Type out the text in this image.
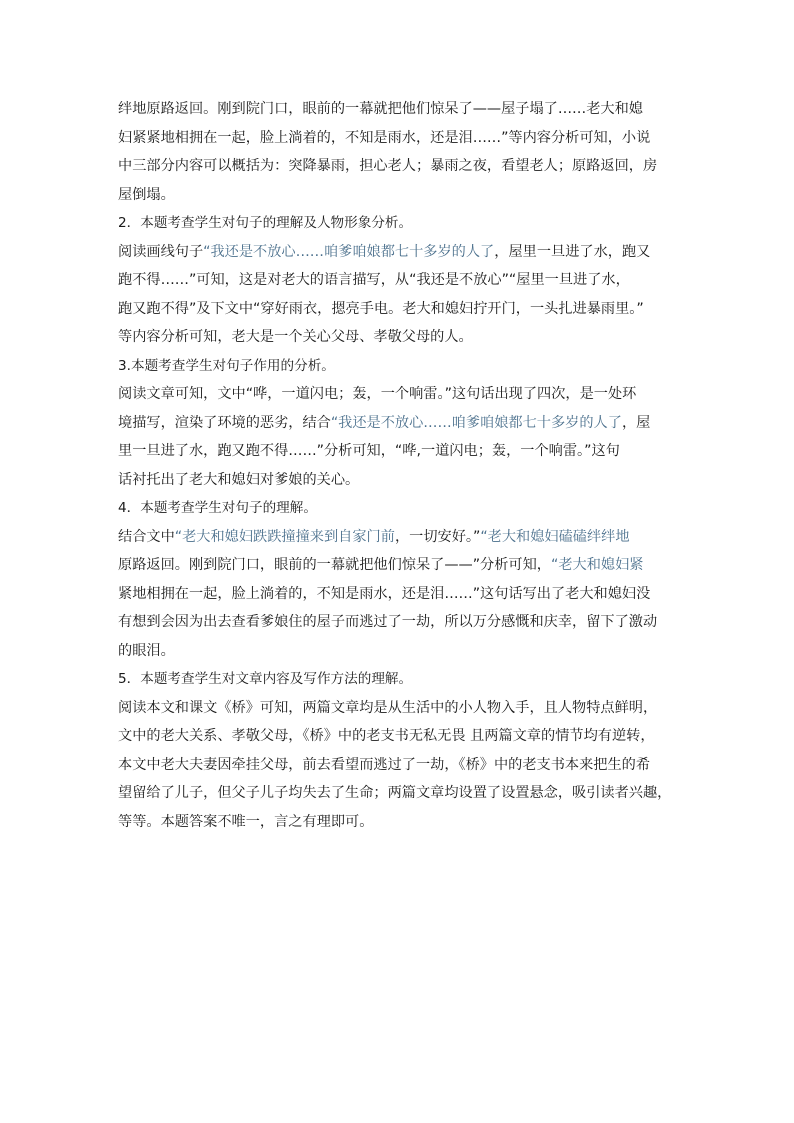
绊地原路返回。刚到院门口，眼前的一幕就把他们惊呆了——屋子塌了……老大和媳
妇紧紧地相拥在一起，脸上淌着的，不知是雨水，还是泪……”等内容分析可知，小说
中三部分内容可以概括为：突降暴雨，担心老人；暴雨之夜，看望老人；原路返回，房
屋倒塌。
2．本题考查学生对句子的理解及人物形象分析。
阅读画线句子“我还是不放心……咱爹咱娘都七十多岁的人了，屋里一旦进了水，跑又
跑不得……”可知，这是对老大的语言描写，从“我还是不放心”“屋里一旦进了水，
跑又跑不得”及下文中“穿好雨衣，摁亮手电。老大和媳妇拧开门，一头扎进暴雨里。”
等内容分析可知，老大是一个关心父母、孝敬父母的人。
3.本题考查学生对句子作用的分析。
阅读文章可知，文中“哗，一道闪电；轰，一个响雷。”这句话出现了四次，是一处环
境描写，渲染了环境的恶劣，结合“我还是不放心……咱爹咱娘都七十多岁的人了，屋
里一旦进了水，跑又跑不得……”分析可知，“哗,一道闪电；轰，一个响雷。”这句
话衬托出了老大和媳妇对爹娘的关心。
4．本题考查学生对句子的理解。
结合文中“老大和媳妇跌跌撞撞来到自家门前，一切安好。”“老大和媳妇磕磕绊绊地
原路返回。刚到院门口，眼前的一幕就把他们惊呆了——”分析可知，“老大和媳妇紧
紧地相拥在一起，脸上淌着的，不知是雨水，还是泪……”这句话写出了老大和媳妇没
有想到会因为出去查看爹娘住的屋子而逃过了一劫，所以万分感慨和庆幸，留下了激动
的眼泪。
5．本题考查学生对文章内容及写作方法的理解。
阅读本文和课文《桥》可知，两篇文章均是从生活中的小人物入手，且人物特点鲜明，
文中的老大关系、孝敬父母，《桥》中的老支书无私无畏 且两篇文章的情节均有逆转，
本文中老大夫妻因牵挂父母，前去看望而逃过了一劫，《桥》中的老支书本来把生的希
望留给了儿子，但父子儿子均失去了生命；两篇文章均设置了设置悬念，吸引读者兴趣，
等等。本题答案不唯一，言之有理即可。
